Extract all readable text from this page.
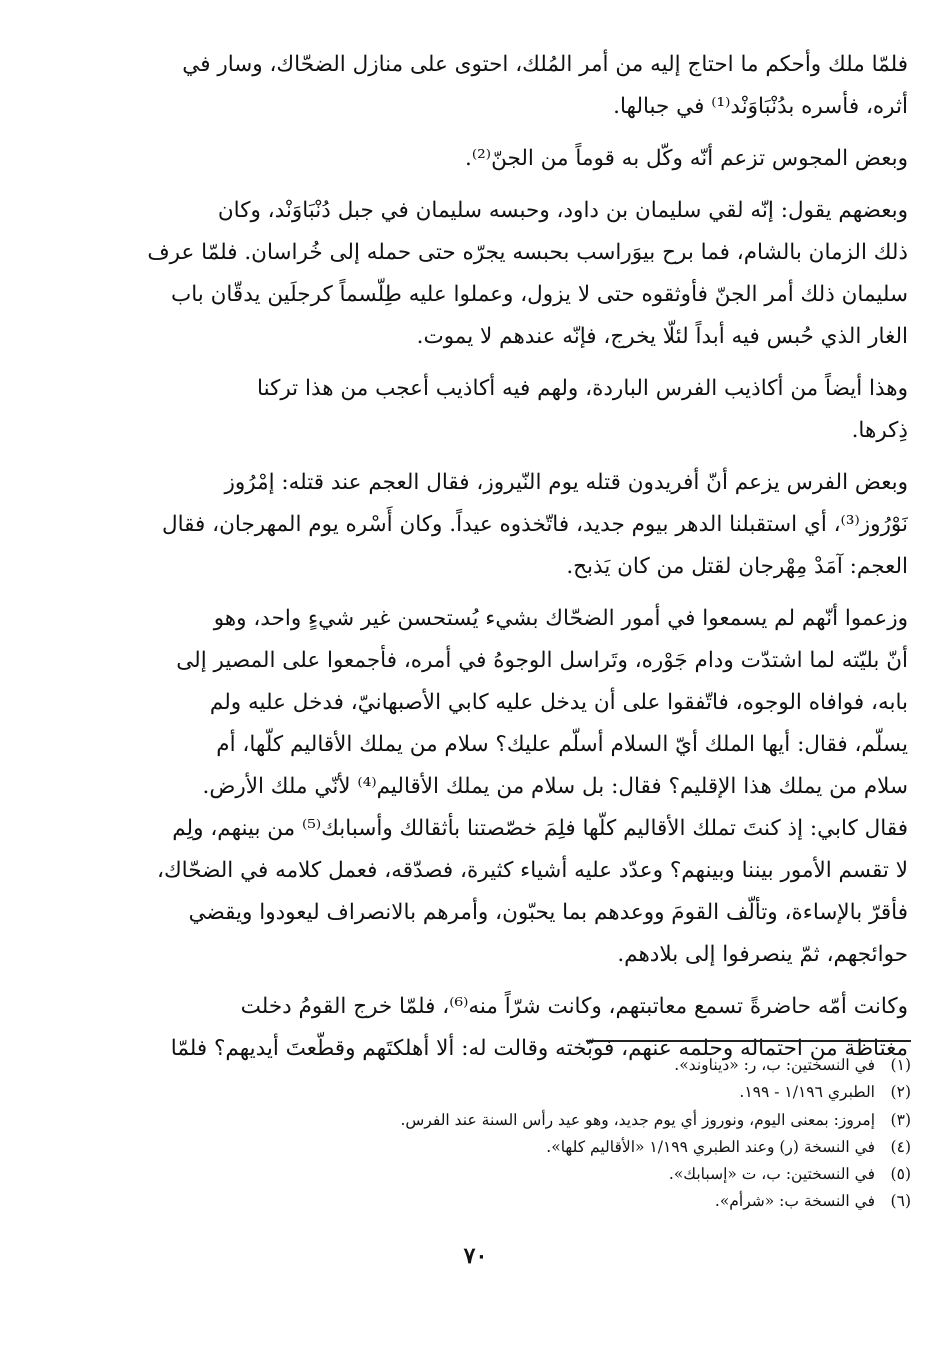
فلمّا ملك وأحكم ما احتاج إليه من أمر المُلك، احتوى على منازل الضحّاك، وسار في
أثره، فأسره بدُنْبَاوَنْد⁽¹⁾ في جبالها.

وبعض المجوس تزعم أنّه وكّل به قوماً من الجنّ⁽²⁾.

وبعضهم يقول: إنّه لقي سليمان بن داود، وحبسه سليمان في جبل دُنْبَاوَنْد، وكان
ذلك الزمان بالشام، فما برح بيوَراسب بحبسه يجرّه حتى حمله إلى خُراسان. فلمّا عرف
سليمان ذلك أمر الجنّ فأوثقوه حتى لا يزول، وعملوا عليه طِلّسماً كرجلَين يدقّان باب
الغار الذي حُبس فيه أبداً لئلّا يخرج، فإنّه عندهم لا يموت.

وهذا أيضاً من أكاذيب الفرس الباردة، ولهم فيه أكاذيب أعجب من هذا تركنا
ذِكرها.

وبعض الفرس يزعم أنّ أفريدون قتله يوم النّيروز، فقال العجم عند قتله: إمْرُوز
نَوْرُوز⁽³⁾، أي استقبلنا الدهر بيوم جديد، فاتّخذوه عيداً. وكان أَسْره يوم المهرجان، فقال
العجم: آمَدْ مِهْرجان لقتل من كان يَذبح.

وزعموا أنّهم لم يسمعوا في أمور الضحّاك بشيء يُستحسن غير شيءٍ واحد، وهو
أنّ بليّته لما اشتدّت ودام جَوْره، وتَراسل الوجوهُ في أمره، فأجمعوا على المصير إلى
بابه، فوافاه الوجوه، فاتّفقوا على أن يدخل عليه كابي الأصبهانيّ، فدخل عليه ولم
يسلّم، فقال: أيها الملك أيّ السلام أسلّم عليك؟ سلام من يملك الأقاليم كلّها، أم
سلام من يملك هذا الإقليم؟ فقال: بل سلام من يملك الأقاليم⁽⁴⁾ لأنّي ملك الأرض.
فقال كابي: إذ كنتَ تملك الأقاليم كلّها فلِمَ خصّصتنا بأثقالك وأسبابك⁽⁵⁾ من بينهم، ولِم
لا تقسم الأمور بيننا وبينهم؟ وعدّد عليه أشياء كثيرة، فصدّقه، فعمل كلامه في الضحّاك،
فأقرّ بالإساءة، وتألّف القومَ ووعدهم بما يحبّون، وأمرهم بالانصراف ليعودوا ويقضي
حوائجهم، ثمّ ينصرفوا إلى بلادهم.

وكانت أمّه حاضرةً تسمع معاتبتهم، وكانت شرّاً منه⁽⁶⁾، فلمّا خرج القومُ دخلت
مغتاظة من احتماله وحلمه عنهم، فوبّخته وقالت له: ألا أهلكتَهم وقطّعتَ أيديهم؟ فلمّا

(١)
في النسختين: ب، ر: «ديناوند».
(٢)
الطبري ١/١٩٦ - ١٩٩.
(٣)
إمروز: بمعنى اليوم، ونوروز أي يوم جديد، وهو عيد رأس السنة عند الفرس.
(٤)
في النسخة (ر) وعند الطبري ١/١٩٩ «الأقاليم كلها».
(٥)
في النسختين: ب، ت «إسبابك».
(٦)
في النسخة ب: «شرأم».
٧٠
